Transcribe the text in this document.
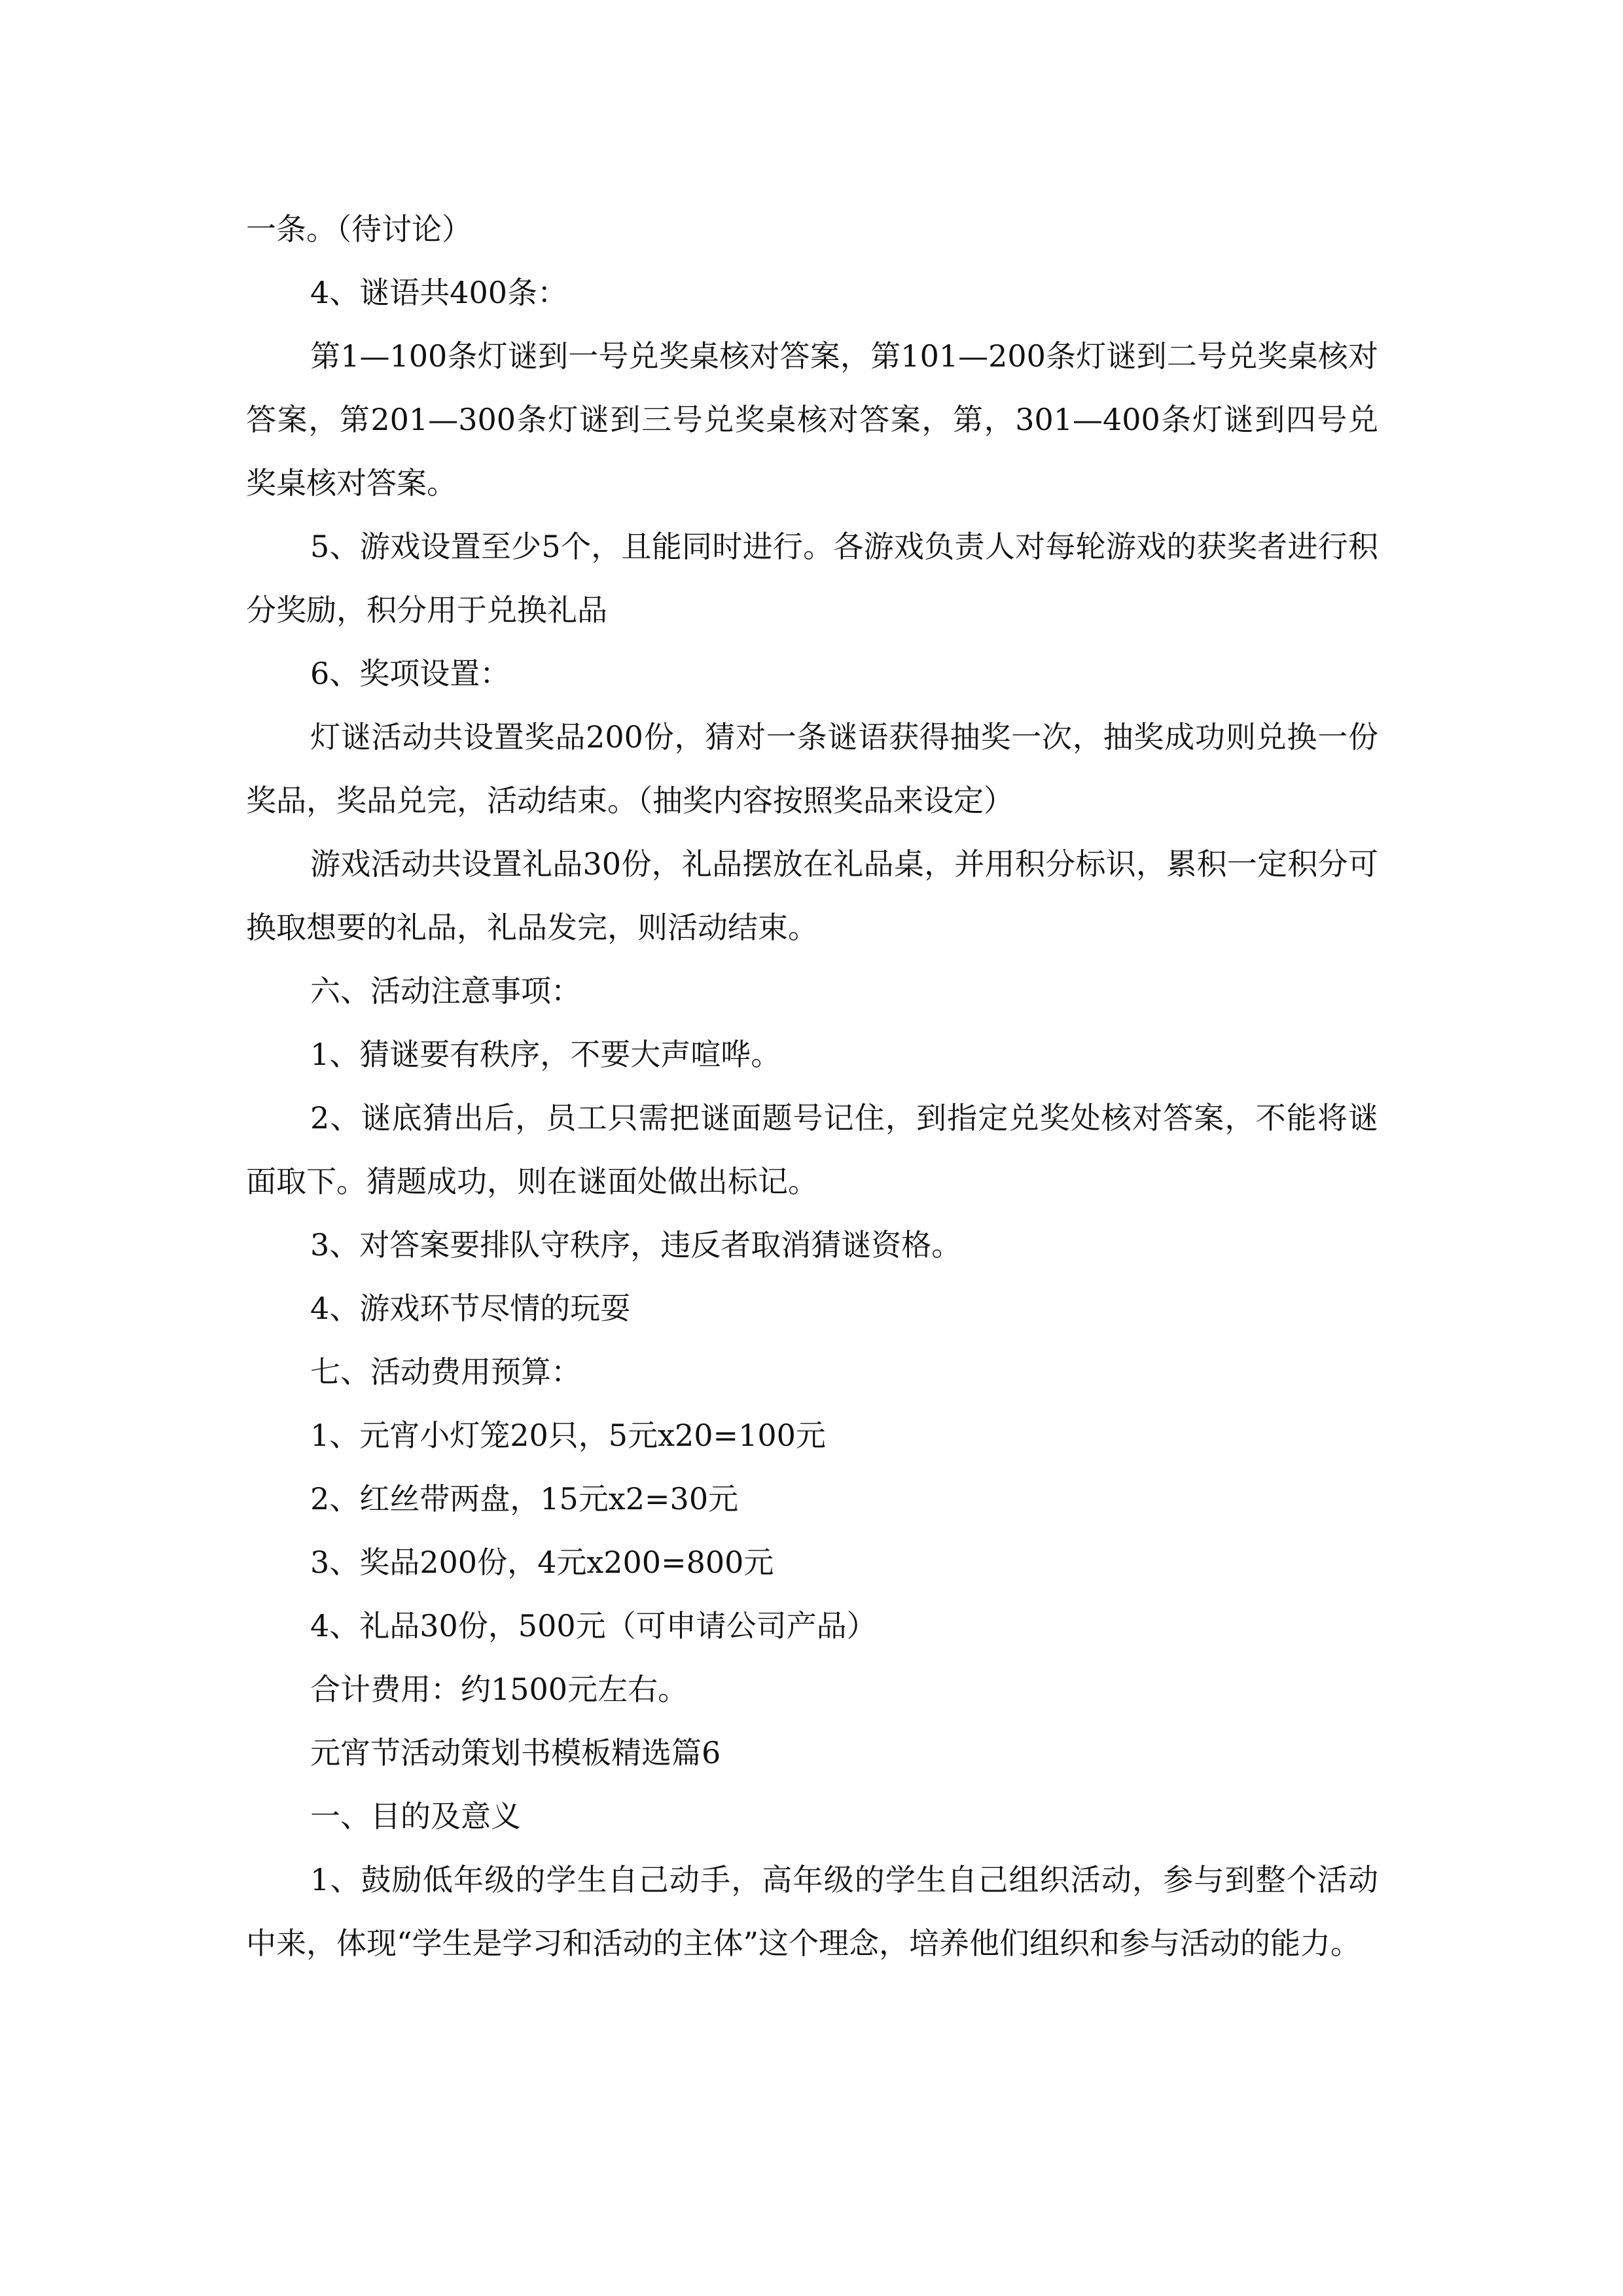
一条。（待讨论）

4、谜语共400条：

第1—100条灯谜到一号兑奖桌核对答案，第101—200条灯谜到二号兑奖桌核对答案，第201—300条灯谜到三号兑奖桌核对答案，第，301—400条灯谜到四号兑奖桌核对答案。

5、游戏设置至少5个，且能同时进行。各游戏负责人对每轮游戏的获奖者进行积分奖励，积分用于兑换礼品

6、奖项设置：

灯谜活动共设置奖品200份，猜对一条谜语获得抽奖一次，抽奖成功则兑换一份奖品，奖品兑完，活动结束。（抽奖内容按照奖品来设定）

游戏活动共设置礼品30份，礼品摆放在礼品桌，并用积分标识，累积一定积分可换取想要的礼品，礼品发完，则活动结束。

六、活动注意事项：

1、猜谜要有秩序，不要大声喧哗。

2、谜底猜出后，员工只需把谜面题号记住，到指定兑奖处核对答案，不能将谜面取下。猜题成功，则在谜面处做出标记。

3、对答案要排队守秩序，违反者取消猜谜资格。

4、游戏环节尽情的玩耍

七、活动费用预算：

1、元宵小灯笼20只，5元x20=100元

2、红丝带两盘，15元x2=30元

3、奖品200份，4元x200=800元

4、礼品30份，500元（可申请公司产品）

合计费用：约1500元左右。

元宵节活动策划书模板精选篇6

一、目的及意义

1、鼓励低年级的学生自己动手，高年级的学生自己组织活动，参与到整个活动中来，体现“学生是学习和活动的主体”这个理念，培养他们组织和参与活动的能力。
